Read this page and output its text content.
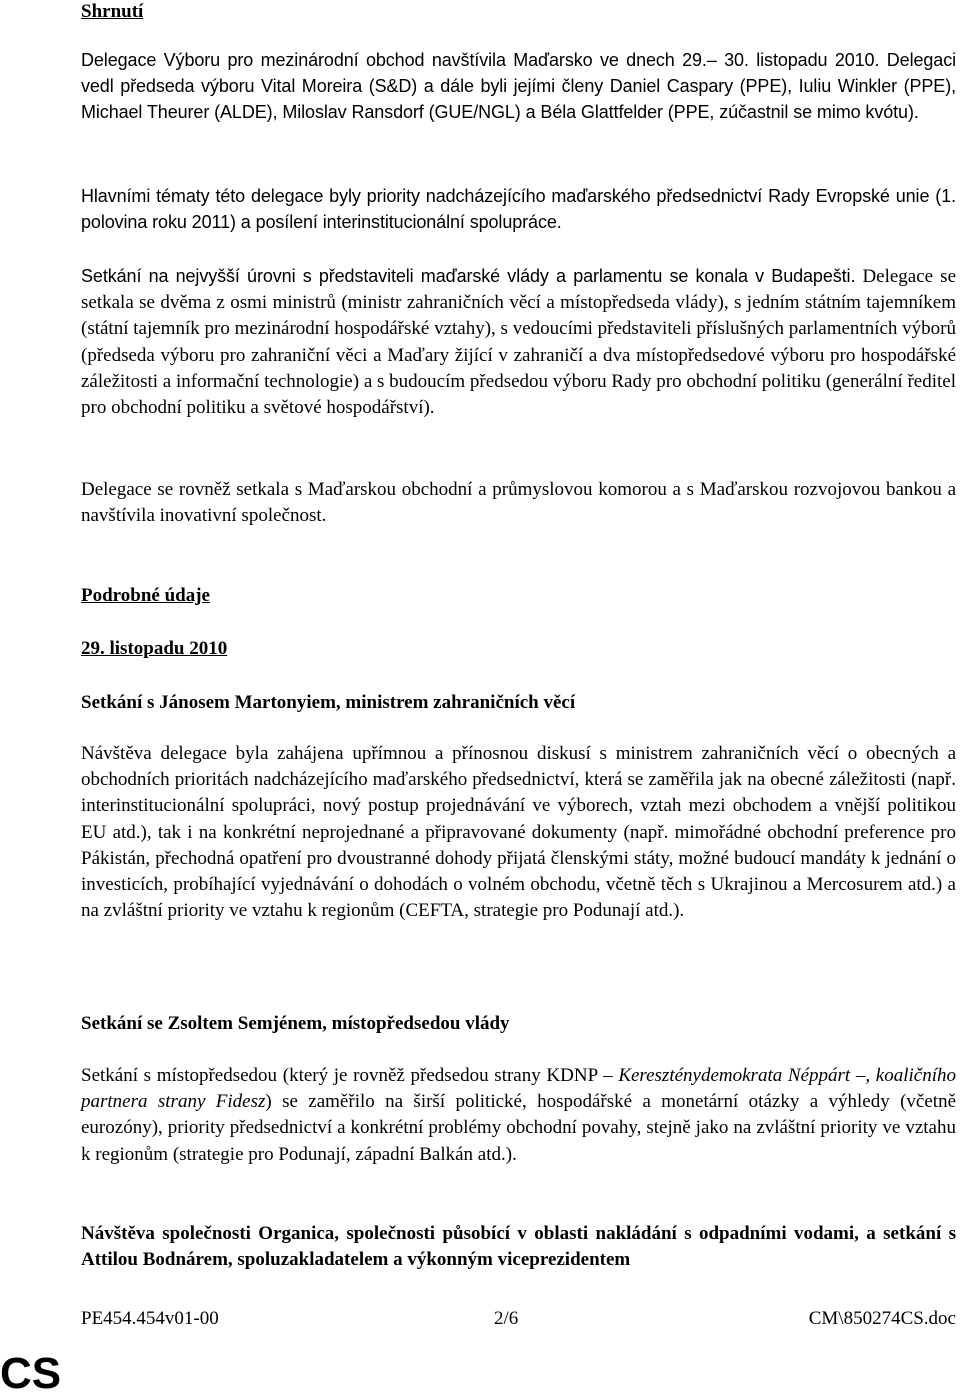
Shrnutí

Delegace Výboru pro mezinárodní obchod navštívila Maďarsko ve dnech 29.– 30. listopadu 2010. Delegaci vedl předseda výboru Vital Moreira (S&D) a dále byli jejími členy Daniel Caspary (PPE), Iuliu Winkler (PPE), Michael Theurer (ALDE), Miloslav Ransdorf (GUE/NGL) a Béla Glattfelder (PPE, zúčastnil se mimo kvótu).

Hlavními tématy této delegace byly priority nadcházejícího maďarského předsednictví Rady Evropské unie (1. polovina roku 2011) a posílení interinstitucionální spolupráce.

Setkání na nejvyšší úrovni s představiteli maďarské vlády a parlamentu se konala v Budapešti. Delegace se setkala se dvěma z osmi ministrů (ministr zahraničních věcí a místopředseda vlády), s jedním státním tajemníkem (státní tajemník pro mezinárodní hospodářské vztahy), s vedoucími představiteli příslušných parlamentních výborů (předseda výboru pro zahraniční věci a Maďary žijící v zahraničí a dva místopředsedové výboru pro hospodářské záležitosti a informační technologie) a s budoucím předsedou výboru Rady pro obchodní politiku (generální ředitel pro obchodní politiku a světové hospodářství).

Delegace se rovněž setkala s Maďarskou obchodní a průmyslovou komorou a s Maďarskou rozvojovou bankou a navštívila inovativní společnost.

Podrobné údaje

29. listopadu 2010

Setkání s Jánosem Martonyiem, ministrem zahraničních věcí

Návštěva delegace byla zahájena upřímnou a přínosnou diskusí s ministrem zahraničních věcí o obecných a obchodních prioritách nadcházejícího maďarského předsednictví, která se zaměřila jak na obecné záležitosti (např. interinstitucionální spolupráci, nový postup projednávání ve výborech, vztah mezi obchodem a vnější politikou EU atd.), tak i na konkrétní neprojednané a připravované dokumenty (např. mimořádné obchodní preference pro Pákistán, přechodná opatření pro dvoustranné dohody přijatá členskými státy, možné budoucí mandáty k jednání o investicích, probíhající vyjednávání o dohodách o volném obchodu, včetně těch s Ukrajinou a Mercosurem atd.) a na zvláštní priority ve vztahu k regionům (CEFTA, strategie pro Podunají atd.).

Setkání se Zsoltem Semjénem, místopředsedou vlády

Setkání s místopředsedou (který je rovněž předsedou strany KDNP – Kereszténydemokrata Néppárt –, koaličního partnera strany Fidesz) se zaměřilo na širší politické, hospodářské a monetární otázky a výhledy (včetně eurozóny), priority předsednictví a konkrétní problémy obchodní povahy, stejně jako na zvláštní priority ve vztahu k regionům (strategie pro Podunají, západní Balkán atd.).

Návštěva společnosti Organica, společnosti působící v oblasti nakládání s odpadními vodami, a setkání s Attilou Bodnárem, spoluzakladatelem a výkonným viceprezidentem

PE454.454v01-00	2/6	CM\850274CS.doc
CS
